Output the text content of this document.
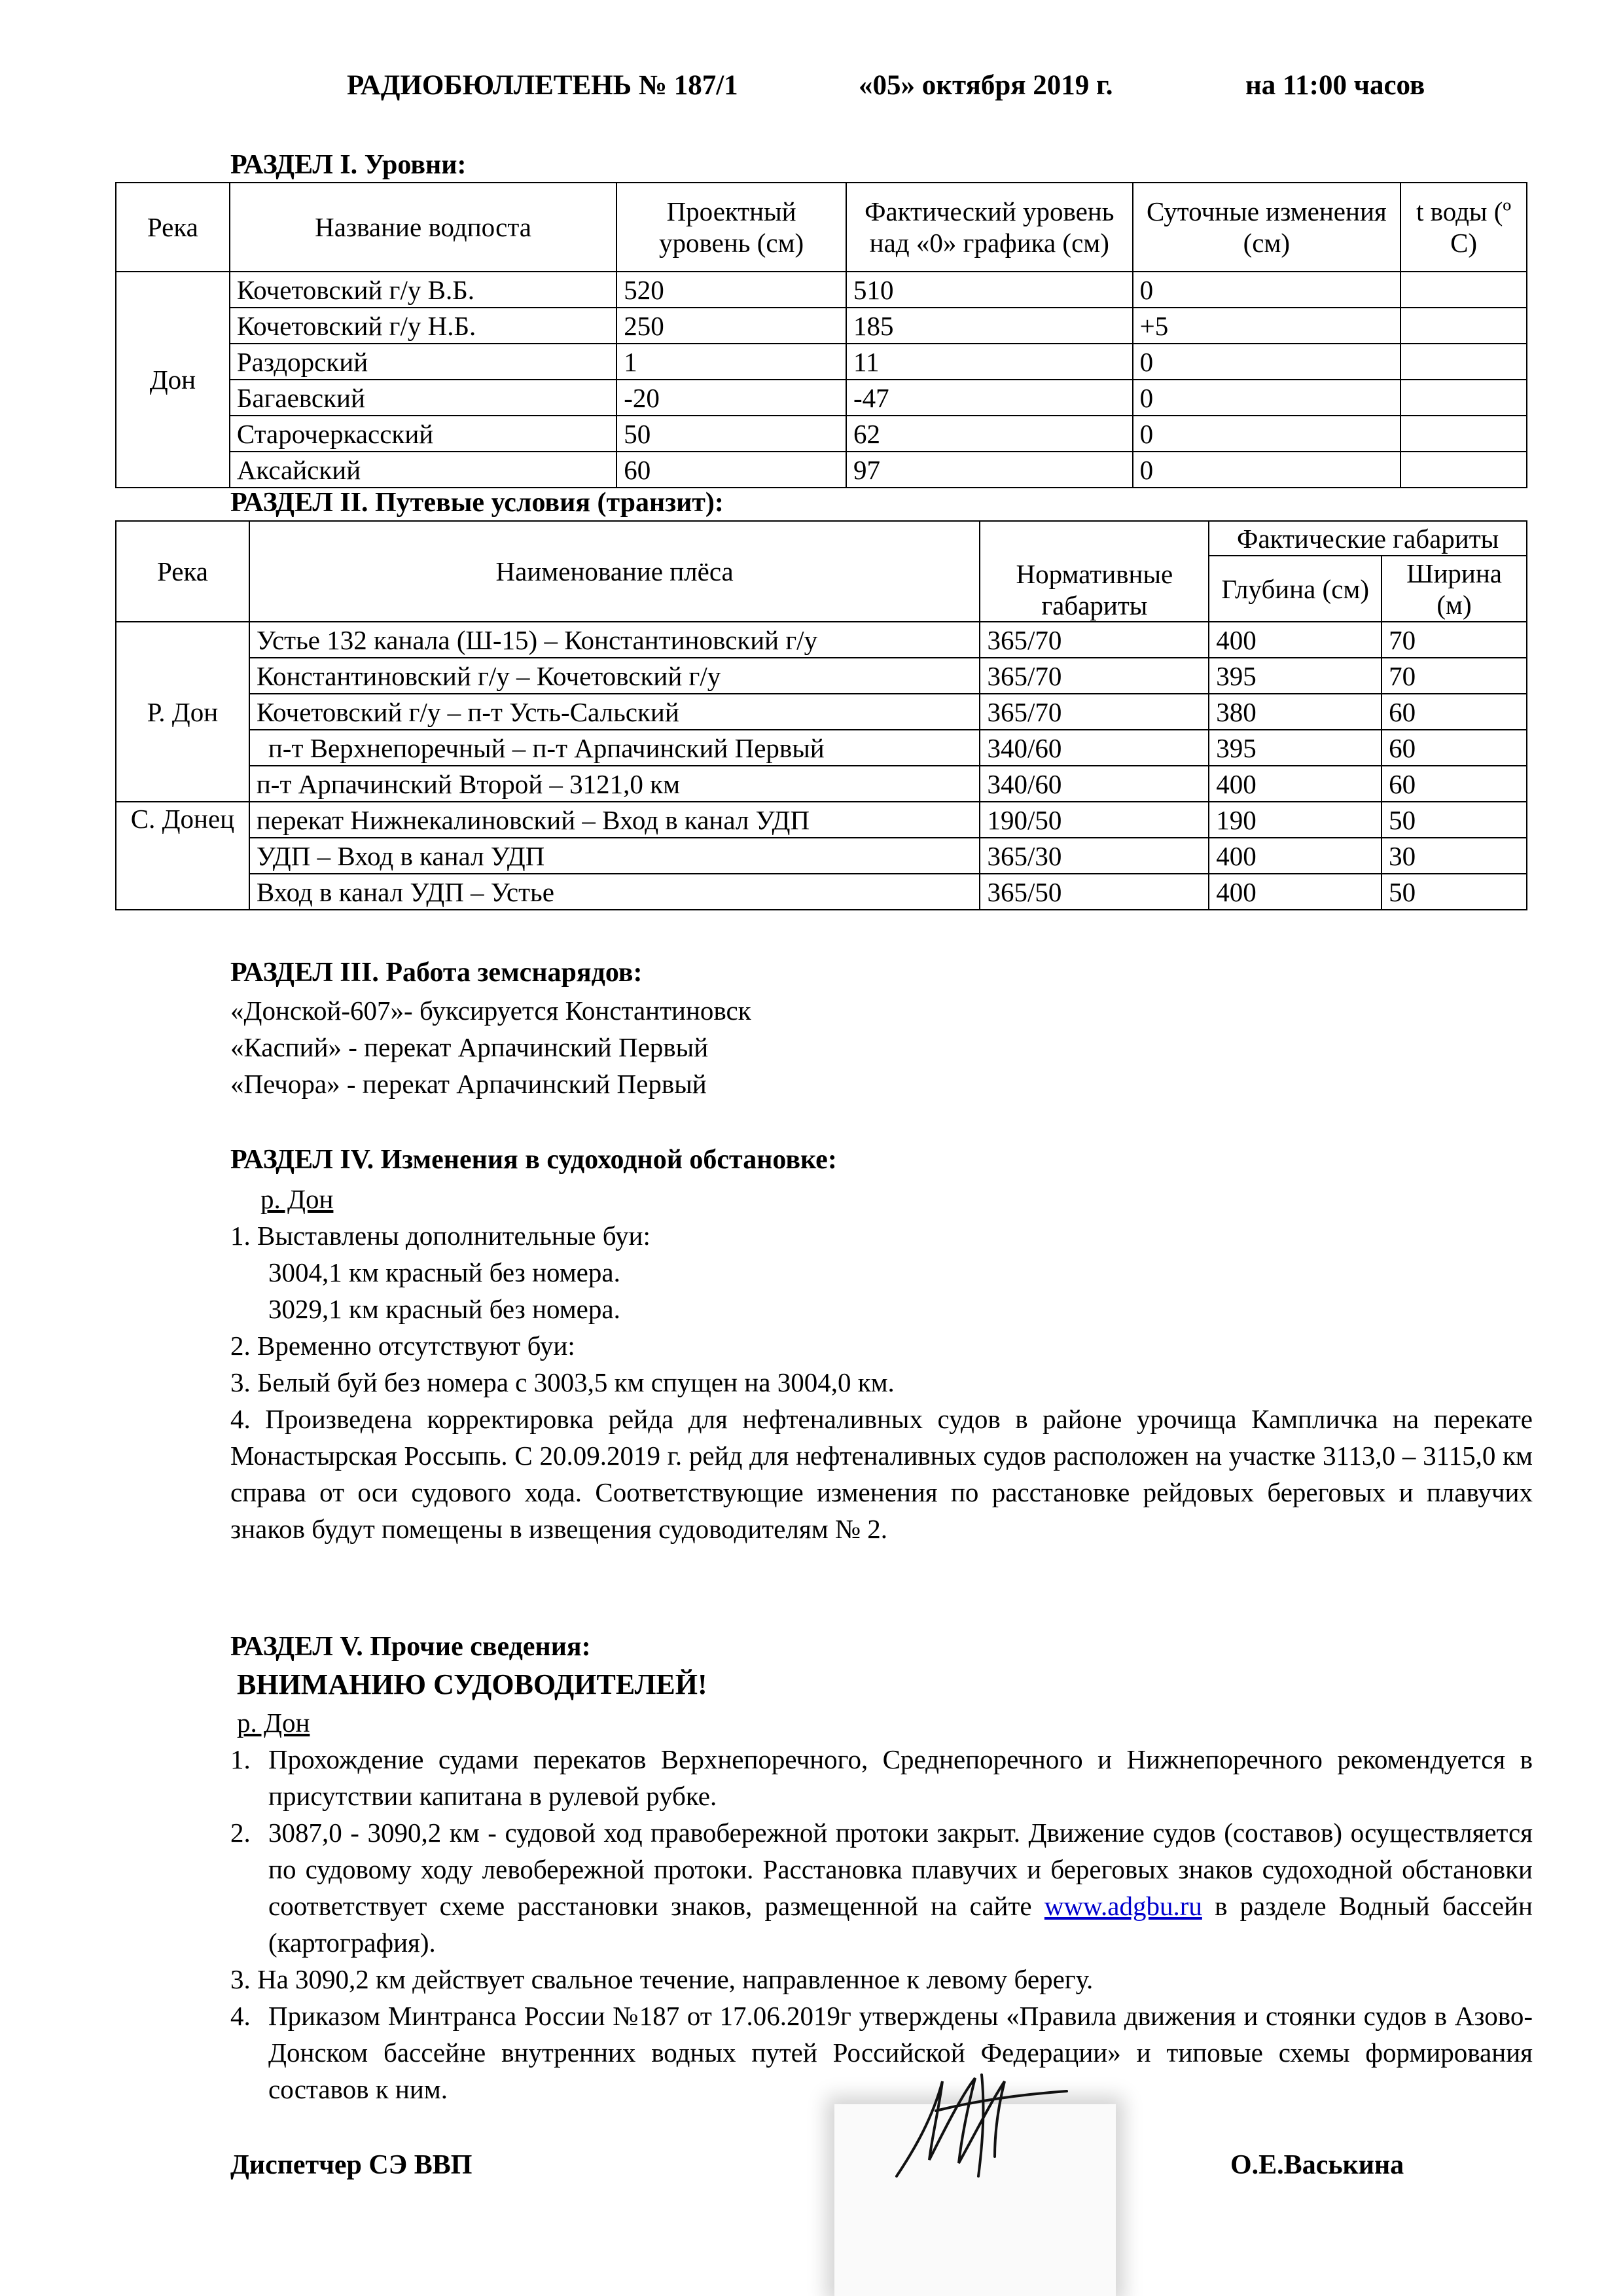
РАДИОБЮЛЛЕТЕНЬ № 187/1	«05» октября 2019 г.	на 11:00 часов
РАЗДЕЛ I. Уровни:
Река	Название водпоста	Проектный уровень (см)	Фактический уровень над «0» графика (см)	Суточные изменения (см)	t воды (º С)
Дон	Кочетовский г/у В.Б.	520	510	0	
	Кочетовский г/у Н.Б.	250	185	+5	
	Раздорский	1	11	0	
	Багаевский	-20	-47	0	
	Старочеркасский	50	62	0	
	Аксайский	60	97	0	
РАЗДЕЛ II. Путевые условия (транзит):
Река	Наименование плёса	Нормативные габариты	Фактические габариты	
			Глубина (см)	Ширина (м)
Р. Дон	Устье 132 канала (Ш-15) – Константиновский г/у	365/70	400	70
	Константиновский г/у – Кочетовский г/у	365/70	395	70
	Кочетовский г/у – п-т Усть-Сальский	365/70	380	60
	п-т Верхнепоречный – п-т Арпачинский Первый	340/60	395	60
	п-т Арпачинский Второй – 3121,0 км	340/60	400	60
С. Донец	перекат Нижнекалиновский – Вход в канал УДП	190/50	190	50
	УДП – Вход в канал УДП	365/30	400	30
	Вход в канал УДП – Устье	365/50	400	50
РАЗДЕЛ III. Работа земснарядов:
«Донской-607»- буксируется Константиновск
«Каспий» - перекат Арпачинский Первый
«Печора» - перекат Арпачинский Первый
РАЗДЕЛ IV. Изменения в судоходной обстановке:
р. Дон
1. Выставлены дополнительные буи:
3004,1 км красный без номера.
3029,1 км красный без номера.
2. Временно отсутствуют буи:
3. Белый буй без номера с 3003,5 км спущен на 3004,0 км.
4. Произведена корректировка рейда для нефтеналивных судов в районе урочища Кампличка на перекате Монастырская Россыпь. С 20.09.2019 г. рейд для нефтеналивных судов расположен на участке 3113,0 – 3115,0 км справа от оси судового хода. Соответствующие изменения по расстановке рейдовых береговых и плавучих знаков будут помещены в извещения судоводителям № 2.
РАЗДЕЛ V. Прочие сведения:
ВНИМАНИЮ СУДОВОДИТЕЛЕЙ!
р. Дон
1. Прохождение судами перекатов Верхнепоречного, Среднепоречного и Нижнепоречного рекомендуется в присутствии капитана в рулевой рубке.
2. 3087,0 - 3090,2 км - судовой ход правобережной протоки закрыт. Движение судов (составов) осуществляется по судовому ходу левобережной протоки. Расстановка плавучих и береговых знаков судоходной обстановки соответствует схеме расстановки знаков, размещенной на сайте www.adgbu.ru в разделе Водный бассейн (картография).
3. На 3090,2 км действует свальное течение, направленное к левому берегу.
4. Приказом Минтранса России №187 от 17.06.2019г утверждены «Правила движения и стоянки судов в Азово-Донском бассейне внутренних водных путей Российской Федерации» и типовые схемы формирования составов к ним.
Диспетчер СЭ ВВП	О.Е.Васькина
